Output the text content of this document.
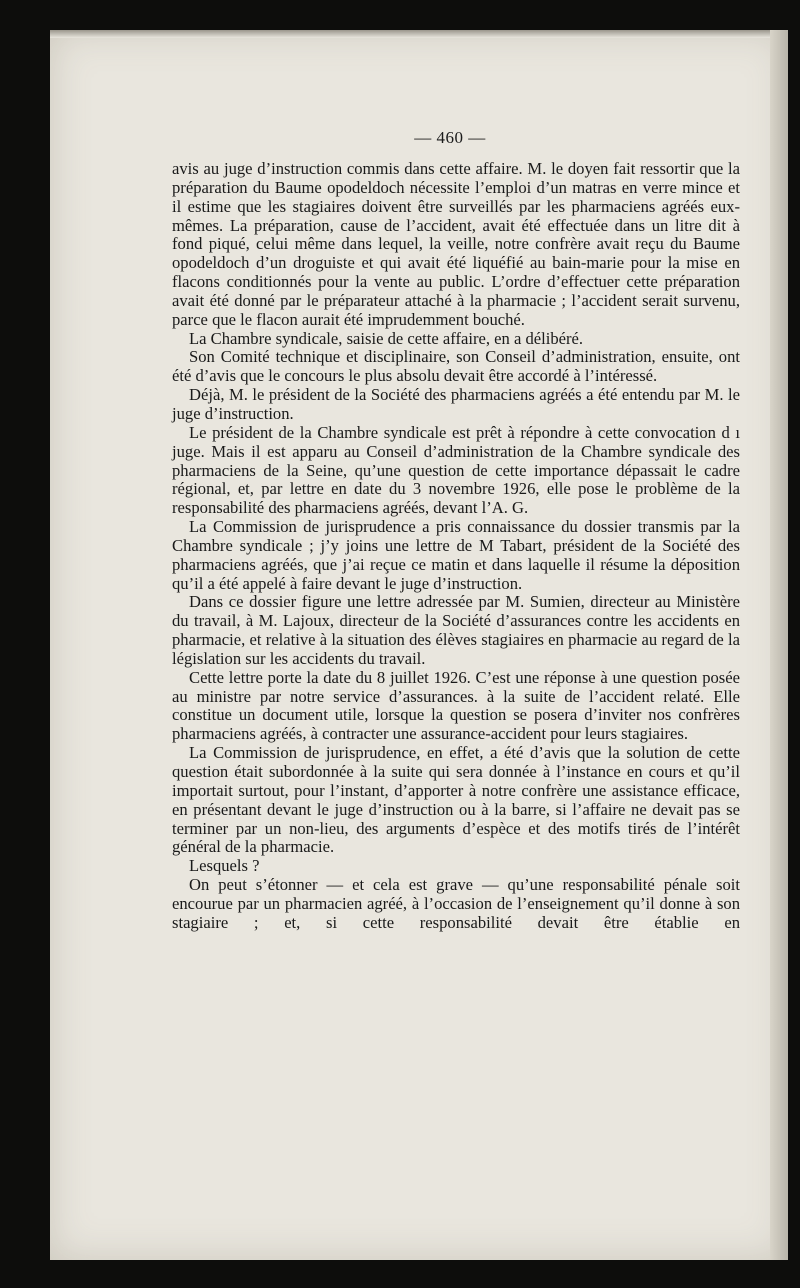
— 460 —

avis au juge d’instruction commis dans cette affaire. M. le doyen fait ressortir que la préparation du Baume opodeldoch nécessite l’emploi d’un matras en verre mince et il estime que les stagiaires doivent être surveillés par les pharmaciens agréés eux-mêmes. La préparation, cause de l’accident, avait été effectuée dans un litre dit à fond piqué, celui même dans lequel, la veille, notre confrère avait reçu du Baume opodeldoch d’un droguiste et qui avait été liquéfié au bain-marie pour la mise en flacons conditionnés pour la vente au public. L’ordre d’effectuer cette préparation avait été donné par le préparateur attaché à la pharmacie ; l’accident serait survenu, parce que le flacon aurait été imprudemment bouché.

La Chambre syndicale, saisie de cette affaire, en a délibéré.

Son Comité technique et disciplinaire, son Conseil d’administration, ensuite, ont été d’avis que le concours le plus absolu devait être accordé à l’intéressé.

Déjà, M. le président de la Société des pharmaciens agréés a été entendu par M. le juge d’instruction.

Le président de la Chambre syndicale est prêt à répondre à cette convocation d ı juge. Mais il est apparu au Conseil d’administration de la Chambre syndicale des pharmaciens de la Seine, qu’une question de cette importance dépassait le cadre régional, et, par lettre en date du 3 novembre 1926, elle pose le problème de la responsabilité des pharmaciens agréés, devant l’A. G.

La Commission de jurisprudence a pris connaissance du dossier transmis par la Chambre syndicale ; j’y joins une lettre de M Tabart, président de la Société des pharmaciens agréés, que j’ai reçue ce matin et dans laquelle il résume la déposition qu’il a été appelé à faire devant le juge d’instruction.

Dans ce dossier figure une lettre adressée par M. Sumien, directeur au Ministère du travail, à M. Lajoux, directeur de la Société d’assurances contre les accidents en pharmacie, et relative à la situation des élèves stagiaires en pharmacie au regard de la législation sur les accidents du travail.

Cette lettre porte la date du 8 juillet 1926. C’est une réponse à une question posée au ministre par notre service d’assurances. à la suite de l’accident relaté. Elle constitue un document utile, lorsque la question se posera d’inviter nos confrères pharmaciens agréés, à contracter une assurance-accident pour leurs stagiaires.

La Commission de jurisprudence, en effet, a été d’avis que la solution de cette question était subordonnée à la suite qui sera donnée à l’instance en cours et qu’il importait surtout, pour l’instant, d’apporter à notre confrère une assistance efficace, en présentant devant le juge d’instruction ou à la barre, si l’affaire ne devait pas se terminer par un non-lieu, des arguments d’espèce et des motifs tirés de l’intérêt général de la pharmacie.

Lesquels ?

On peut s’étonner — et cela est grave — qu’une responsabilité pénale soit encourue par un pharmacien agréé, à l’occasion de l’enseignement qu’il donne à son stagiaire ; et, si cette responsabilité devait être établie en
